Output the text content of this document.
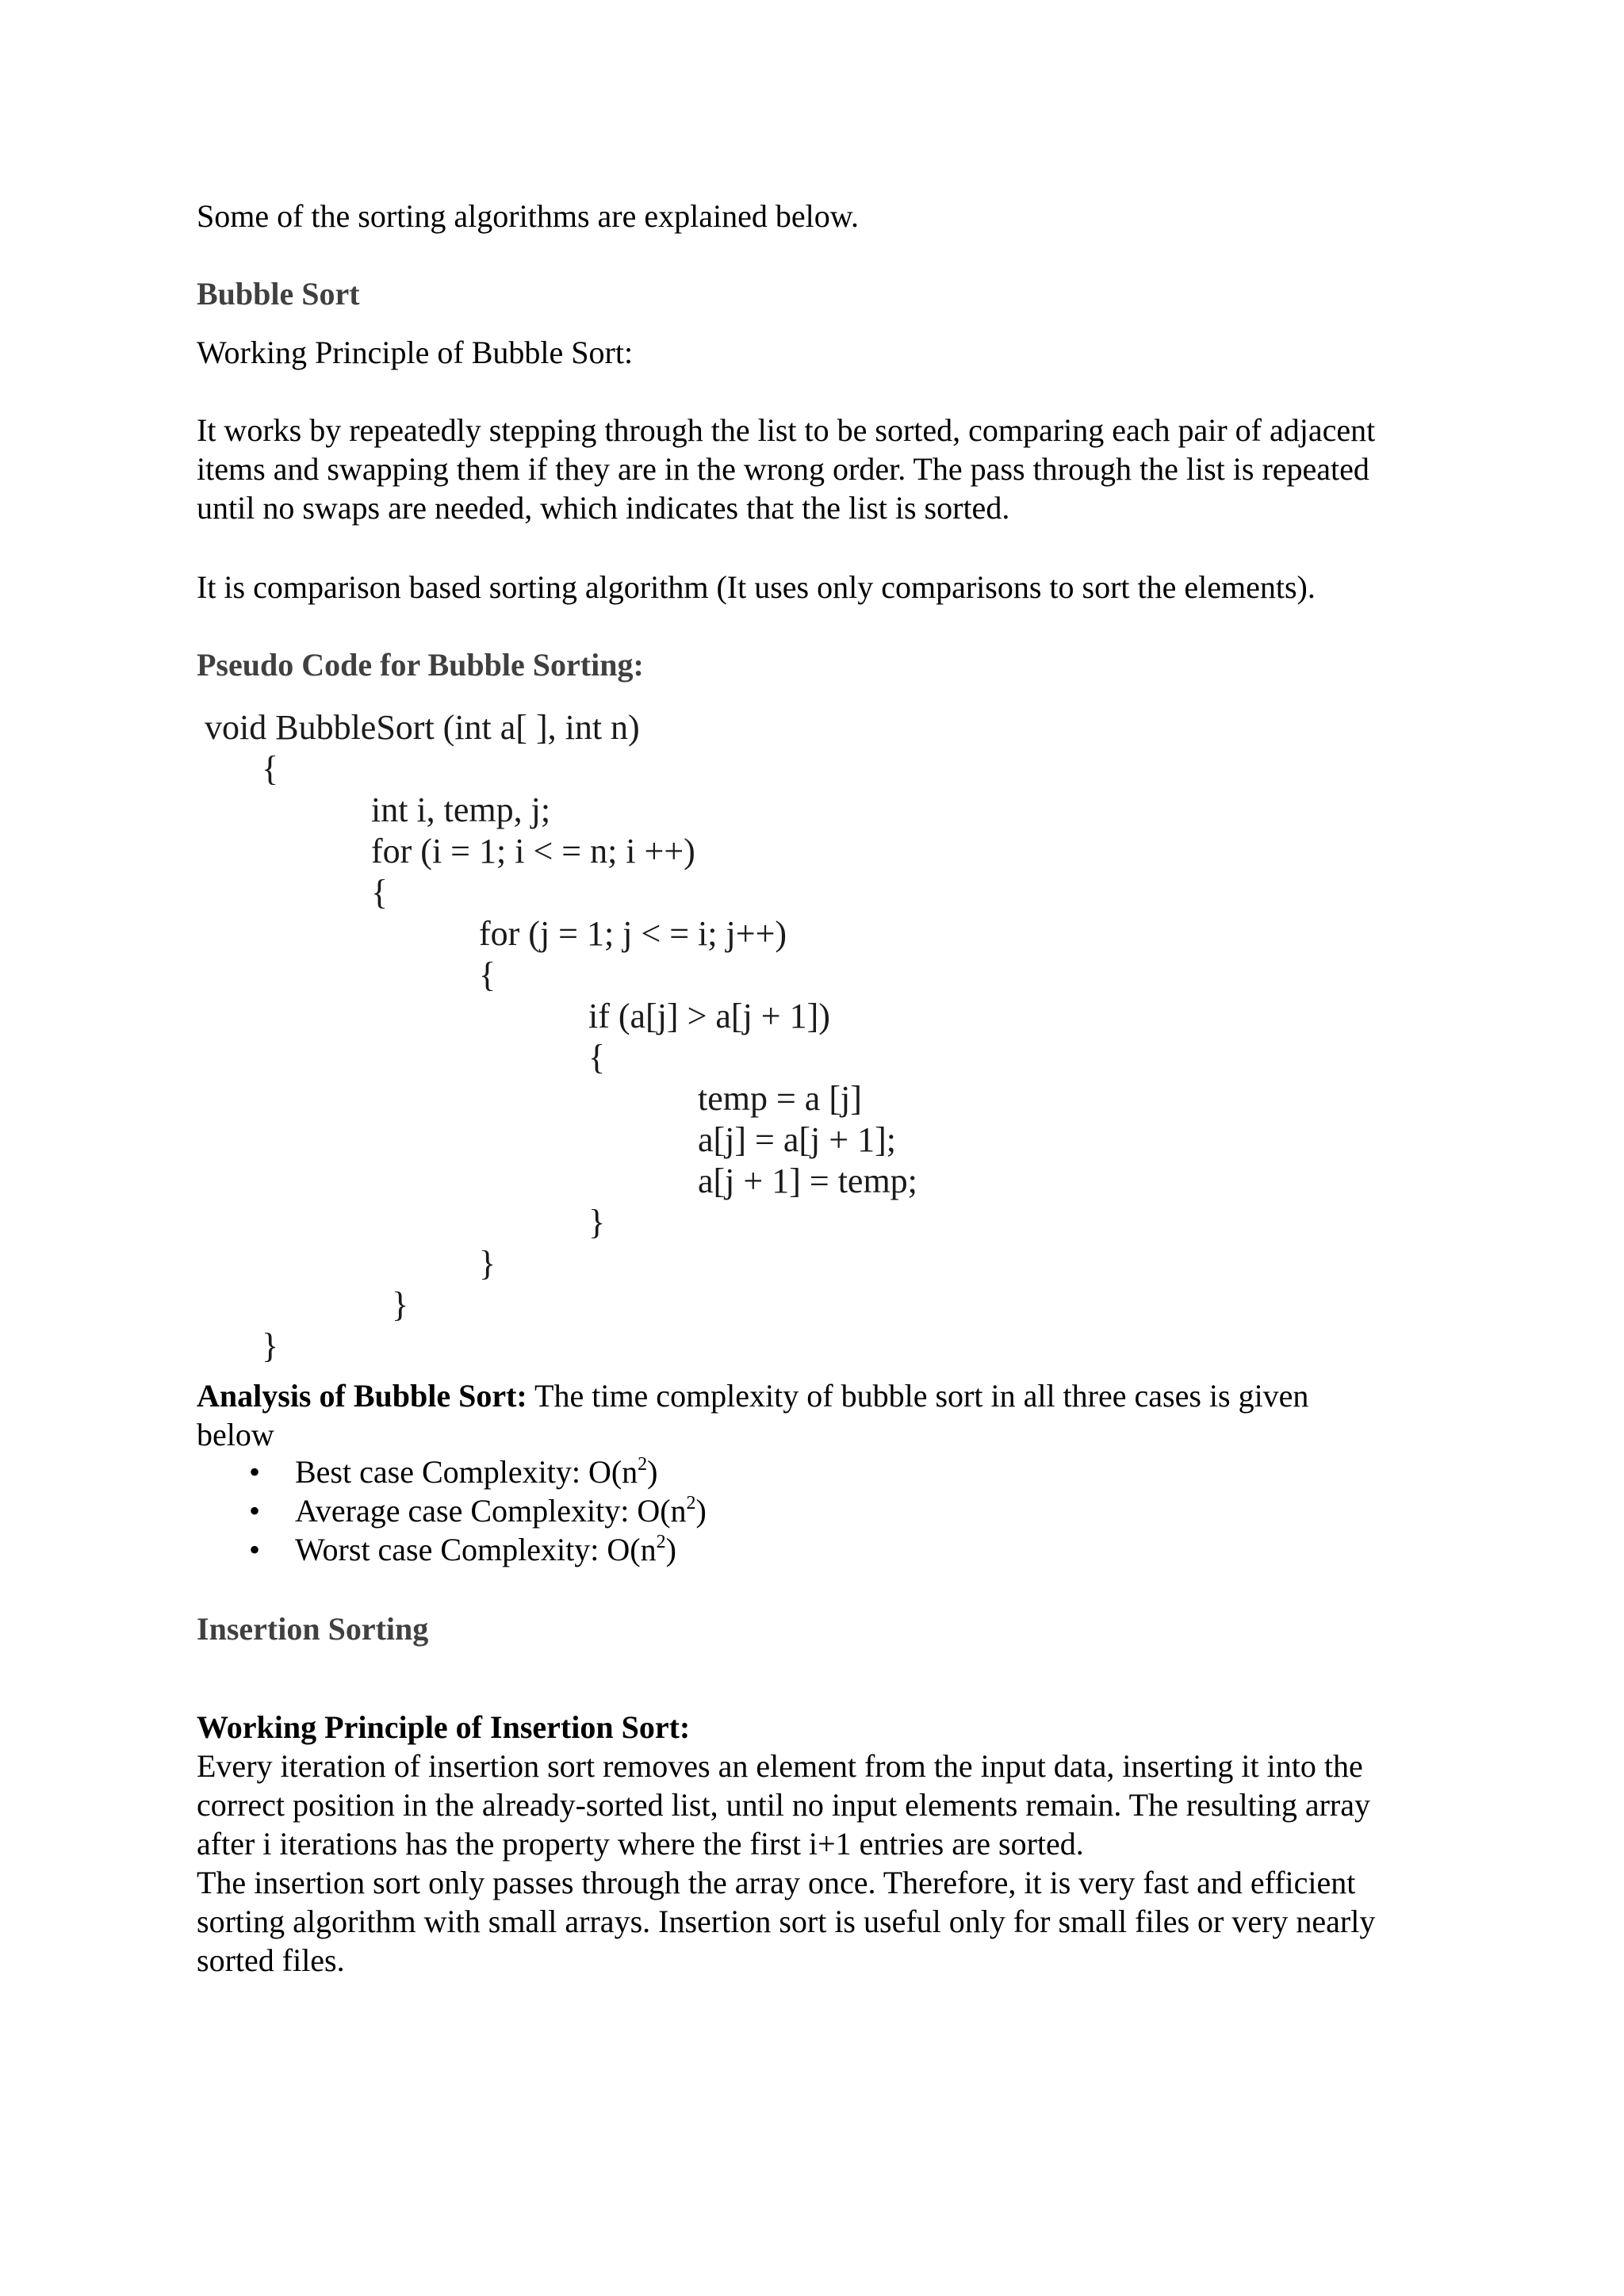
Some of the sorting algorithms are explained below.

Bubble Sort

Working Principle of Bubble Sort:

It works by repeatedly stepping through the list to be sorted, comparing each pair of adjacent

items and swapping them if they are in the wrong order. The pass through the list is repeated

until no swaps are needed, which indicates that the list is sorted.

It is comparison based sorting algorithm (It uses only comparisons to sort the elements).

Pseudo Code for Bubble Sorting:

void BubbleSort (int a[ ], int n)

{

int i, temp, j;

for (i = 1; i < = n; i ++)

{

for (j = 1; j < = i; j++)

{

if (a[j] > a[j + 1])

{

temp = a [j]

a[j] = a[j + 1];

a[j + 1] = temp;

}

}

}

}

Analysis of Bubble Sort: The time complexity of bubble sort in all three cases is given

below

• Best case Complexity: $O(n^2)$
• Average case Complexity: $O(n^2)$
• Worst case Complexity: $O(n^2)$

Insertion Sorting

Working Principle of Insertion Sort:

Every iteration of insertion sort removes an element from the input data, inserting it into the

correct position in the already-sorted list, until no input elements remain. The resulting array

after i iterations has the property where the first i+1 entries are sorted.

The insertion sort only passes through the array once. Therefore, it is very fast and efficient

sorting algorithm with small arrays. Insertion sort is useful only for small files or very nearly

sorted files.
